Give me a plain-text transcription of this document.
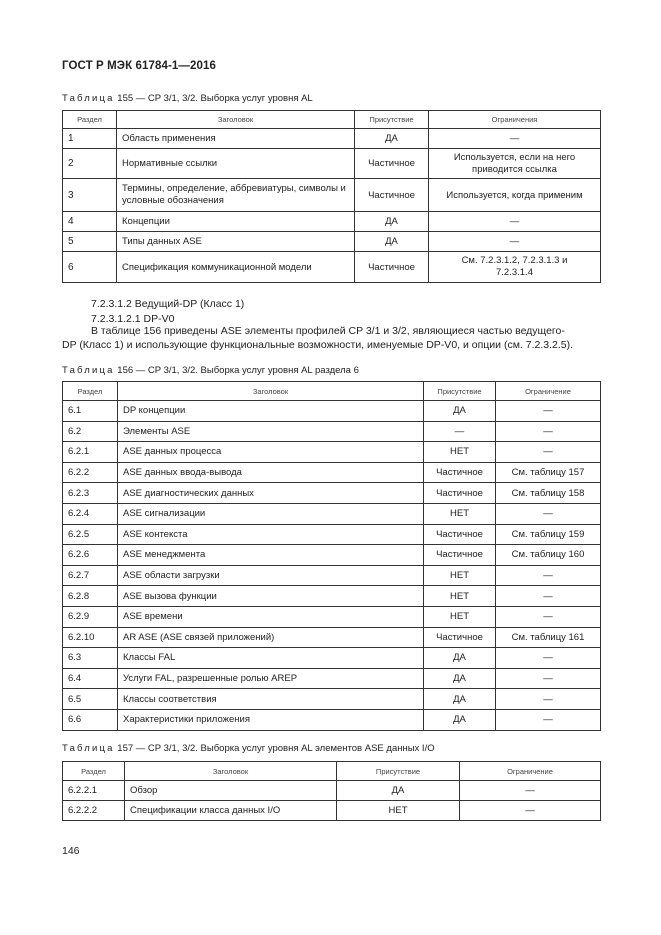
ГОСТ Р МЭК 61784-1—2016
Таблица 155 — CP 3/1, 3/2. Выборка услуг уровня AL
Раздел	Заголовок	Присутствие	Ограничения
1	Область применения	ДА	—
2	Нормативные ссылки	Частичное	Используется, если на него приводится ссылка
3	Термины, определение, аббревиатуры, символы и условные обозначения	Частичное	Используется, когда применим
4	Концепции	ДА	—
5	Типы данных ASE	ДА	—
6	Спецификация коммуникационной модели	Частичное	См. 7.2.3.1.2, 7.2.3.1.3 и 7.2.3.1.4
7.2.3.1.2 Ведущий-DP (Класс 1)
7.2.3.1.2.1 DP-V0
В таблице 156 приведены ASE элементы профилей CP 3/1 и 3/2, являющиеся частью ведущего-
DP (Класс 1) и использующие функциональные возможности, именуемые DP-V0, и опции (см. 7.2.3.2.5).
Таблица 156 — CP 3/1, 3/2. Выборка услуг уровня AL раздела 6
Раздел	Заголовок	Присутствие	Ограничение
6.1	DP концепции	ДА	—
6.2	Элементы ASE	—	—
6.2.1	ASE данных процесса	НЕТ	—
6.2.2	ASE данных ввода-вывода	Частичное	См. таблицу 157
6.2.3	ASE диагностических данных	Частичное	См. таблицу 158
6.2.4	ASE сигнализации	НЕТ	—
6.2.5	ASE контекста	Частичное	См. таблицу 159
6.2.6	ASE менеджмента	Частичное	См. таблицу 160
6.2.7	ASE области загрузки	НЕТ	—
6.2.8	ASE вызова функции	НЕТ	—
6.2.9	ASE времени	НЕТ	—
6.2.10	AR ASE (ASE связей приложений)	Частичное	См. таблицу 161
6.3	Классы FAL	ДА	—
6.4	Услуги FAL, разрешенные ролью AREP	ДА	—
6.5	Классы соответствия	ДА	—
6.6	Характеристики приложения	ДА	—
Таблица 157 — CP 3/1, 3/2. Выборка услуг уровня AL элементов ASE данных I/O
Раздел	Заголовок	Присутствие	Ограничение
6.2.2.1	Обзор	ДА	—
6.2.2.2	Спецификации класса данных I/O	НЕТ	—
146
